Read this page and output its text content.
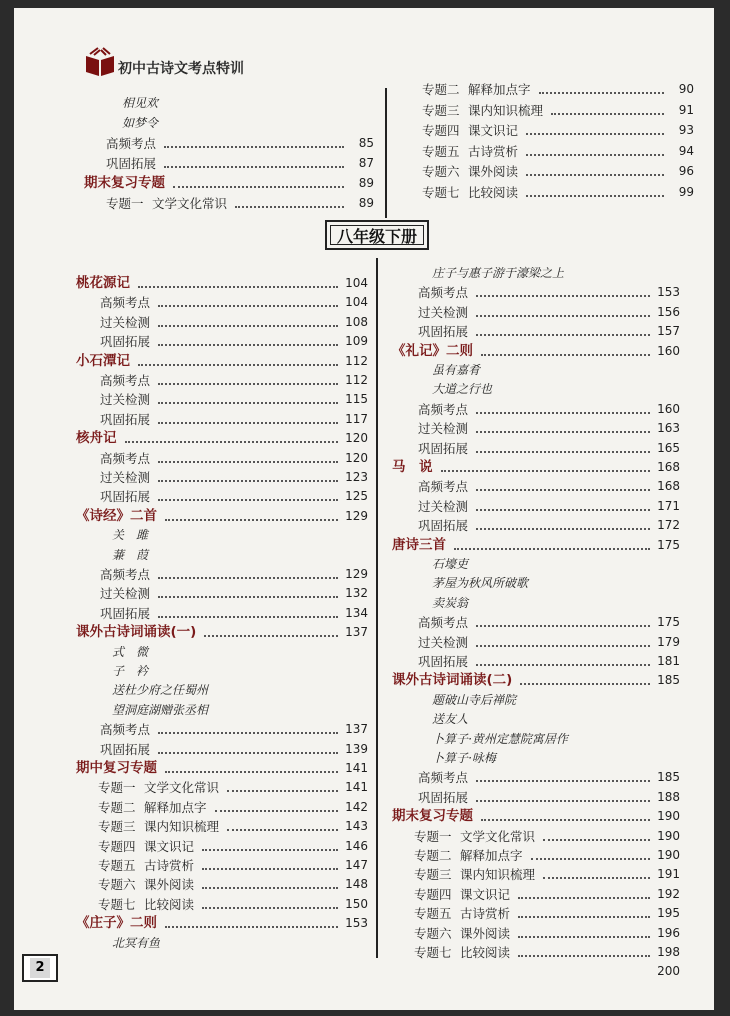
初中古诗文考点特训
八年级下册
相见欢
如梦令
高频考点	85
巩固拓展	87
期末复习专题	89
专题一 文学文化常识	89
专题二 解释加点字	90
专题三 课内知识梳理	91
专题四 课文识记	93
专题五 古诗赏析	94
专题六 课外阅读	96
专题七 比较阅读	99
桃花源记	104
高频考点	104
过关检测	108
巩固拓展	109
小石潭记	112
高频考点	112
过关检测	115
巩固拓展	117
核舟记	120
高频考点	120
过关检测	123
巩固拓展	125
《诗经》二首	129
关　雎
蒹　葭
高频考点	129
过关检测	132
巩固拓展	134
课外古诗词诵读(一)	137
式　微
子　衿
送杜少府之任蜀州
望洞庭湖赠张丞相
高频考点	137
巩固拓展	139
期中复习专题	141
专题一 文学文化常识	141
专题二 解释加点字	142
专题三 课内知识梳理	143
专题四 课文识记	146
专题五 古诗赏析	147
专题六 课外阅读	148
专题七 比较阅读	150
《庄子》二则	153
北冥有鱼
庄子与惠子游于濠梁之上
高频考点	153
过关检测	156
巩固拓展	157
《礼记》二则	160
虽有嘉肴
大道之行也
高频考点	160
过关检测	163
巩固拓展	165
马　说	168
高频考点	168
过关检测	171
巩固拓展	172
唐诗三首	175
石壕吏
茅屋为秋风所破歌
卖炭翁
高频考点	175
过关检测	179
巩固拓展	181
课外古诗词诵读(二)	185
题破山寺后禅院
送友人
卜算子·黄州定慧院寓居作
卜算子·咏梅
高频考点	185
巩固拓展	188
期末复习专题	190
专题一 文学文化常识	190
专题二 解释加点字	190
专题三 课内知识梳理	191
专题四 课文识记	192
专题五 古诗赏析	195
专题六 课外阅读	196
专题七 比较阅读	198
200
2
